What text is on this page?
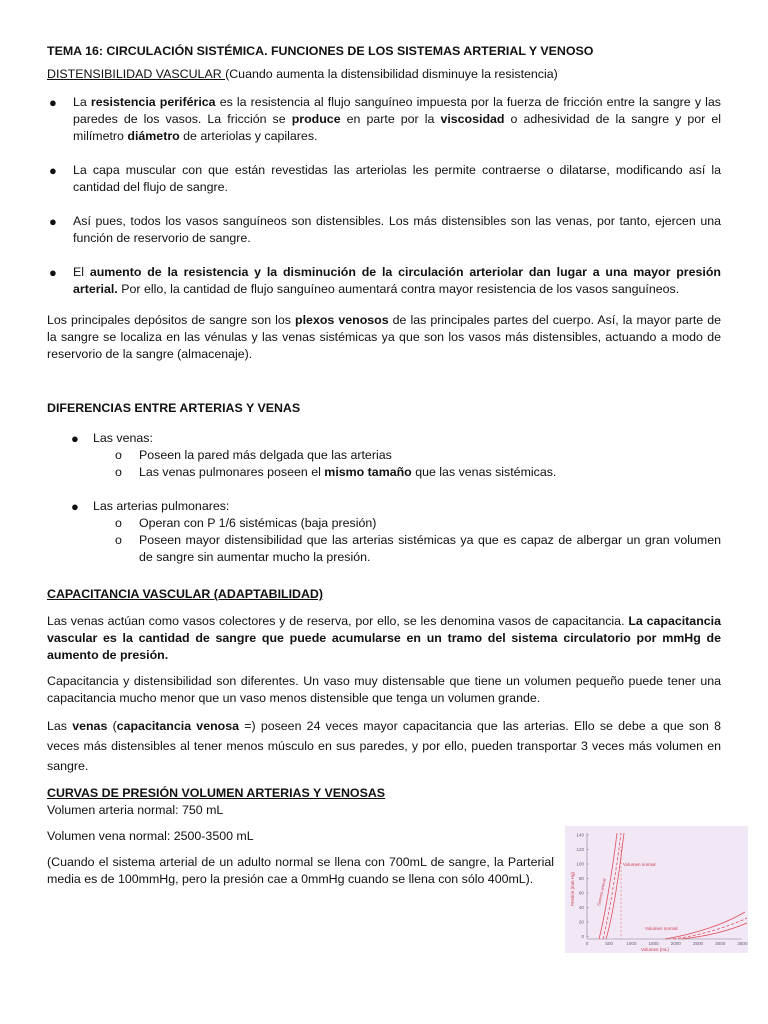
TEMA 16: CIRCULACIÓN SISTÉMICA. FUNCIONES DE LOS SISTEMAS ARTERIAL Y VENOSO

DISTENSIBILIDAD VASCULAR (Cuando aumenta la distensibilidad disminuye la resistencia)

● La resistencia periférica es la resistencia al flujo sanguíneo impuesta por la fuerza de fricción entre la sangre y las paredes de los vasos. La fricción se produce en parte por la viscosidad o adhesividad de la sangre y por el milímetro diámetro de arteriolas y capilares.

● La capa muscular con que están revestidas las arteriolas les permite contraerse o dilatarse, modificando así la cantidad del flujo de sangre.

● Así pues, todos los vasos sanguíneos son distensibles. Los más distensibles son las venas, por tanto, ejercen una función de reservorio de sangre.

● El aumento de la resistencia y la disminución de la circulación arteriolar dan lugar a una mayor presión arterial. Por ello, la cantidad de flujo sanguíneo aumentará contra mayor resistencia de los vasos sanguíneos.

Los principales depósitos de sangre son los plexos venosos de las principales partes del cuerpo. Así, la mayor parte de la sangre se localiza en las vénulas y las venas sistémicas ya que son los vasos más distensibles, actuando a modo de reservorio de la sangre (almacenaje).

DIFERENCIAS ENTRE ARTERIAS Y VENAS

● Las venas:

o Poseen la pared más delgada que las arterias

o Las venas pulmonares poseen el mismo tamaño que las venas sistémicas.

● Las arterias pulmonares:

o Operan con P 1/6 sistémicas (baja presión)

o Poseen mayor distensibilidad que las arterias sistémicas ya que es capaz de albergar un gran volumen de sangre sin aumentar mucho la presión.

CAPACITANCIA VASCULAR (ADAPTABILIDAD)

Las venas actúan como vasos colectores y de reserva, por ello, se les denomina vasos de capacitancia. La capacitancia vascular es la cantidad de sangre que puede acumularse en un tramo del sistema circulatorio por mmHg de aumento de presión.

Capacitancia y distensibilidad son diferentes. Un vaso muy distensable que tiene un volumen pequeño puede tener una capacitancia mucho menor que un vaso menos distensible que tenga un volumen grande.

Las venas (capacitancia venosa =) poseen 24 veces mayor capacitancia que las arterias. Ello se debe a que son 8 veces más distensibles al tener menos músculo en sus paredes, y por ello, pueden transportar 3 veces más volumen en sangre.

CURVAS DE PRESIÓN VOLUMEN ARTERIAS Y VENOSAS

Volumen arteria normal: 750 mL

Volumen vena normal: 2500-3500 mL

(Cuando el sistema arterial de un adulto normal se llena con 700mL de sangre, la Parterial media es de 100mmHg, pero la presión cae a 0mmHg cuando se llena con sólo 400mL).

140
120
100
80
60
40
20
0
0	500	1000	1500	2000	2500	3000	3500
Volumen normal
Volumen normal
Sistema arterial
Presión (mm Hg)
Volumen (mL)
